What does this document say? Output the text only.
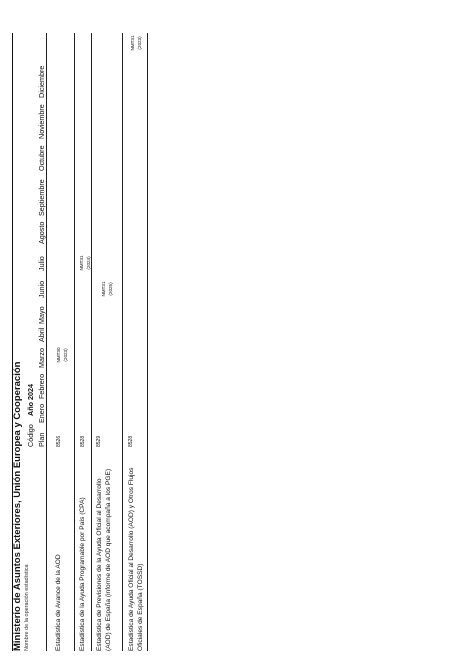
Ministerio de Asuntos Exteriores, Unión Europea y Cooperación Nombre de la operación estadística
Código
Año 2024
Plan
Enero
Febrero
Marzo
Abril
Mayo
Junio
Julio
Agosto
Septiembre
Octubre
Noviembre
Diciembre
Estadística de Avance de la AOD
8526
NMT30 (2023)
Estadística de la Ayuda Programable por País (CPA)
8528
NMT31 (2024)
Estadística de Previsiones de la Ayuda Oficial al Desarrollo (AOD) de España (informe de AOD que acompaña a los PGE)
8529
NMT31 (2025)
Estadística de Ayuda Oficial al Desarrollo (AOD) y Otros Flujos Oficiales de España (TOSSD)
8528
NMT31 (2023)
